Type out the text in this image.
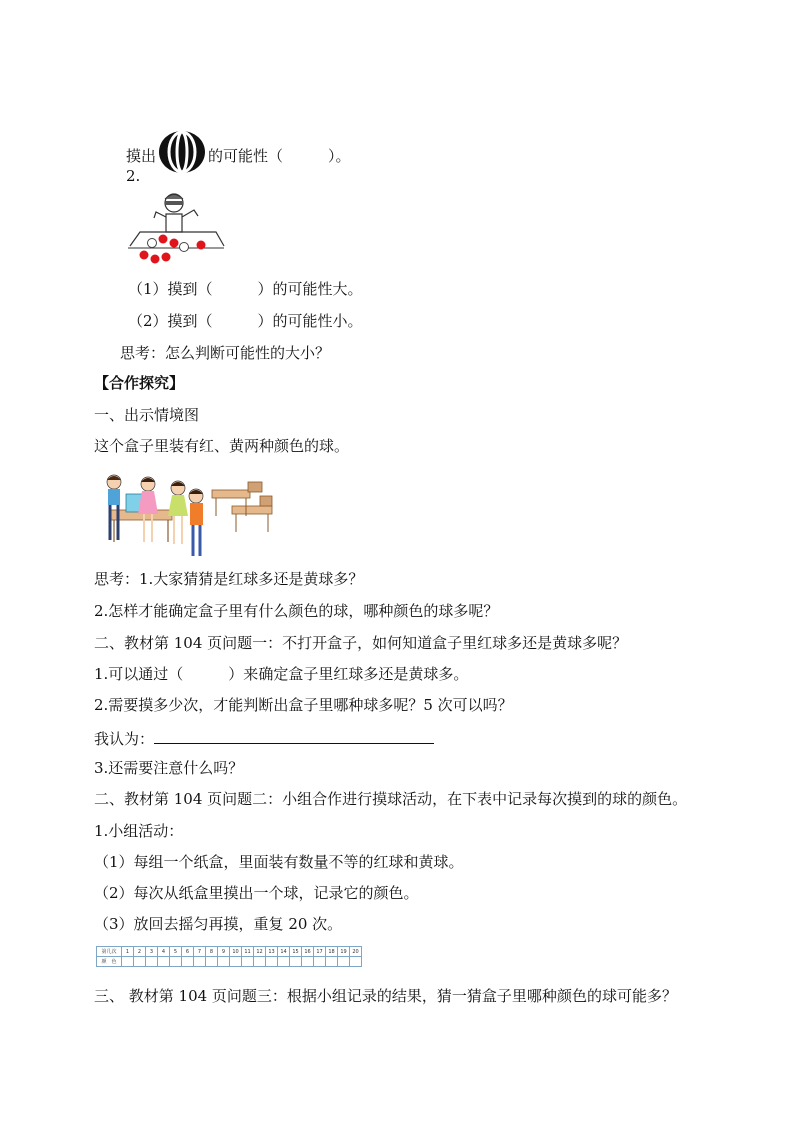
摸出	的可能性（　　　）。
2.
（1）摸到（　　　）的可能性大。
（2）摸到（　　　）的可能性小。
思考：怎么判断可能性的大小？
【合作探究】
一、出示情境图
这个盒子里装有红、黄两种颜色的球。
思考：1.大家猜猜是红球多还是黄球多？
2.怎样才能确定盒子里有什么颜色的球，哪种颜色的球多呢？
二、教材第 104 页问题一：不打开盒子，如何知道盒子里红球多还是黄球多呢？
1.可以通过（　　　）来确定盒子里红球多还是黄球多。
2.需要摸多少次，才能判断出盒子里哪种球多呢？5 次可以吗？
我认为：
3.还需要注意什么吗？
二、教材第 104 页问题二：小组合作进行摸球活动，在下表中记录每次摸到的球的颜色。
1.小组活动：
（1）每组一个纸盒，里面装有数量不等的红球和黄球。
（2）每次从纸盒里摸出一个球，记录它的颜色。
（3）放回去摇匀再摸，重复 20 次。
第几次	1	2	3	4	5	6	7	8	9	10	11	12	13	14	15	16	17	18	19	20
颜　色																				
三、 教材第 104 页问题三：根据小组记录的结果，猜一猜盒子里哪种颜色的球可能多？
